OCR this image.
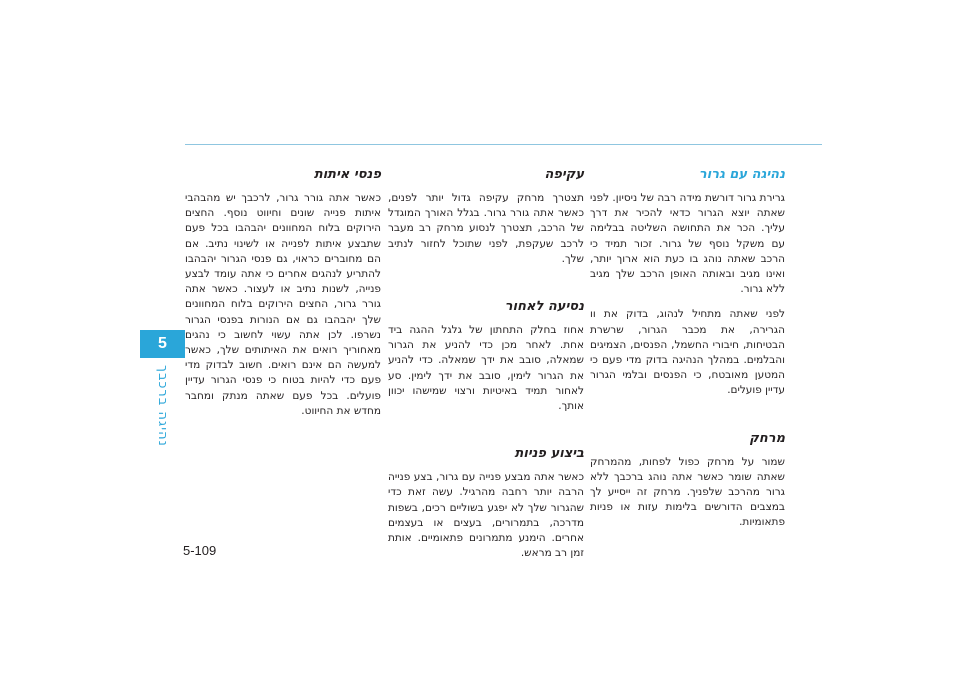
5
נהיגה ברכבך
נהיגה עם גרור

גרירת גרור דורשת מידה רבה של ניסיון. לפני שאתה יוצא הגרור כדאי להכיר את דרך עליך. הכר את התחושה השליטה בבלימה עם משקל נוסף של גרור. זכור תמיד כי הרכב שאתה נוהג בו כעת הוא ארוך יותר, ואינו מגיב ובאותה האופן הרכב שלך מגיב ללא גרור.

לפני שאתה מתחיל לנהוג, בדוק את וו הגרירה, את מכבר הגרור, שרשרת הבטיחות, חיבורי החשמל, הפנסים, הצמיגים והבלמים. במהלך הנהיגה בדוק מדי פעם כי המטען מאובטח, כי הפנסים ובלמי הגרור עדיין פועלים.

מרחק

שמור על מרחק כפול לפחות, מהמרחק שאתה שומר כאשר אתה נוהג ברכבך ללא גרור מהרכב שלפניך. מרחק זה ייסייע לך במצבים הדורשים בלימות עזות או פניות פתאומיות.

עקיפה

תצטרך מרחק עקיפה גדול יותר לפנים, כאשר אתה גורר גרור. בגלל האורך המוגדל של הרכב, תצטרך לנסוע מרחק רב מעבר לרכב שעקפת, לפני שתוכל לחזור לנתיב שלך.

נסיעה לאחור

אחוז בחלק התחתון של גלגל ההגה ביד אחת. לאחר מכן כדי להניע את הגרור שמאלה, סובב את ידך שמאלה. כדי להניע את הגרור לימין, סובב את ידך לימין. סע לאחור תמיד באיטיות ורצוי שמישהו יכוון אותך.

ביצוע פניות

כאשר אתה מבצע פנייה עם גרור, בצע פנייה הרבה יותר רחבה מהרגיל. עשה זאת כדי שהגרור שלך לא יפגע בשוליים רכים, בשפות מדרכה, בתמרורים, בעצים או בעצמים אחרים. הימנע מתמרונים פתאומיים. אותת זמן רב מראש.

פנסי איתות

כאשר אתה גורר גרור, לרכבך יש מהבהבי איתות פנייה שונים וחיווט נוסף. החצים הירוקים בלוח המחוונים יהבהבו בכל פעם שתבצע איתות לפנייה או לשינוי נתיב. אם הם מחוברים כראוי, גם פנסי הגרור יהבהבו להתריע לנהגים אחרים כי אתה עומד לבצע פנייה, לשנות נתיב או לעצור. כאשר אתה גורר גרור, החצים הירוקים בלוח המחוונים שלך יהבהבו גם אם הנורות בפנסי הגרור נשרפו. לכן אתה עשוי לחשוב כי נהגים מאחוריך רואים את האיתותים שלך, כאשר למעשה הם אינם רואים. חשוב לבדוק מדי פעם כדי להיות בטוח כי פנסי הגרור עדיין פועלים. בכל פעם שאתה מנתק ומחבר מחדש את החיווט.

5-109
